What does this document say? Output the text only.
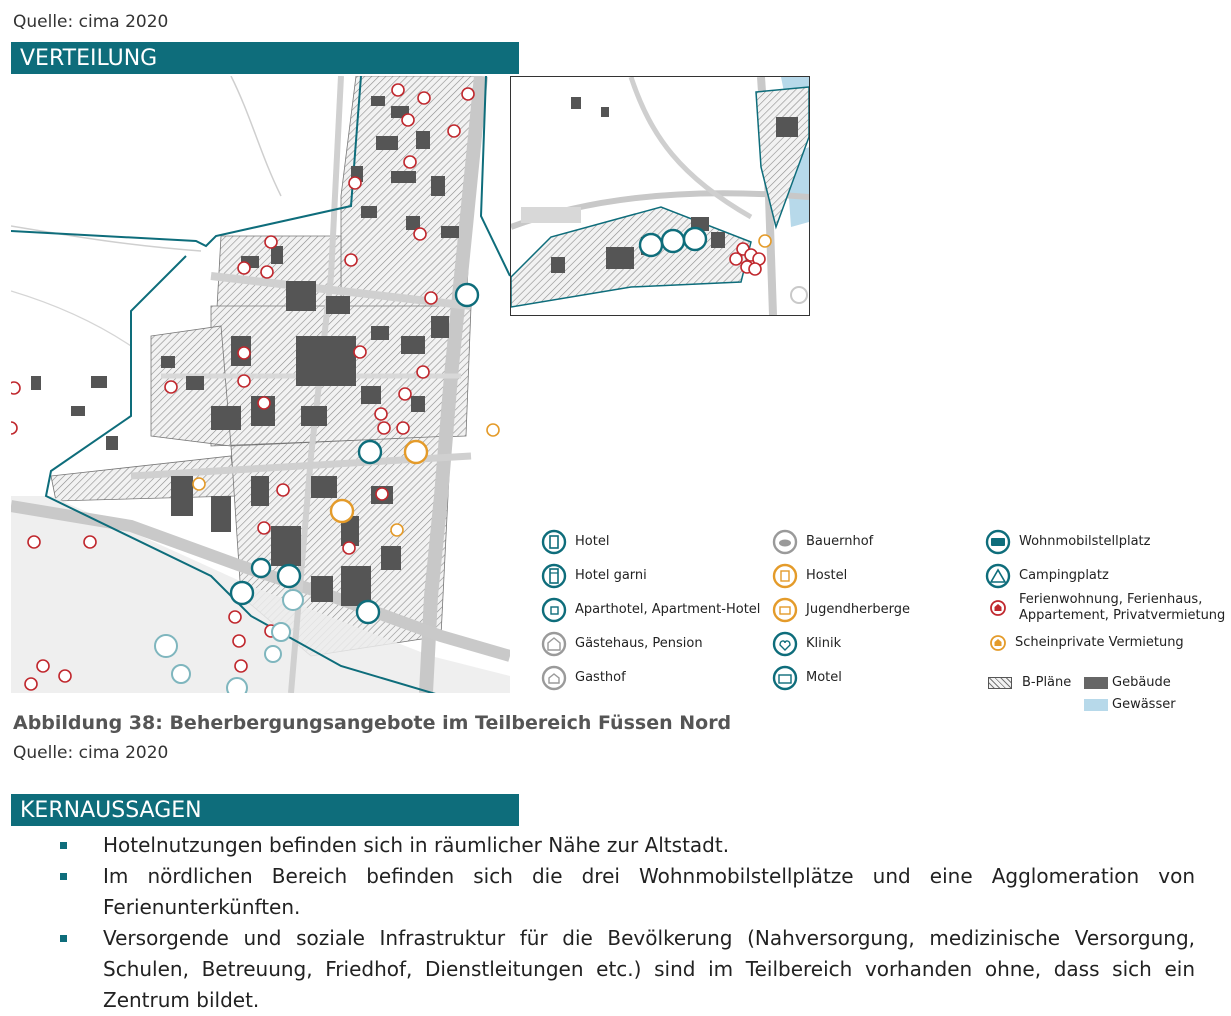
Quelle: cima 2020
VERTEILUNG
Hotel
Hotel garni
Aparthotel, Apartment-Hotel
Gästehaus, Pension
Gasthof
Bauernhof
Hostel
Jugendherberge
Klinik
Motel
Wohnmobilstellplatz
Campingplatz
Ferienwohnung, Ferienhaus,
Appartement, Privatvermietung
Scheinprivate Vermietung
B-Pläne	Gebäude
Gewässer
Abbildung 38: Beherbergungsangebote im Teilbereich Füssen Nord
Quelle: cima 2020
KERNAUSSAGEN
Hotelnutzungen befinden sich in räumlicher Nähe zur Altstadt.
Im nördlichen Bereich befinden sich die drei Wohnmobilstellplätze und eine Agglomeration von Ferienunterkünften.
Versorgende und soziale Infrastruktur für die Bevölkerung (Nahversorgung, medizinische Versorgung, Schulen, Betreuung, Friedhof, Dienstleitungen etc.) sind im Teilbereich vorhanden ohne, dass sich ein Zentrum bildet.
